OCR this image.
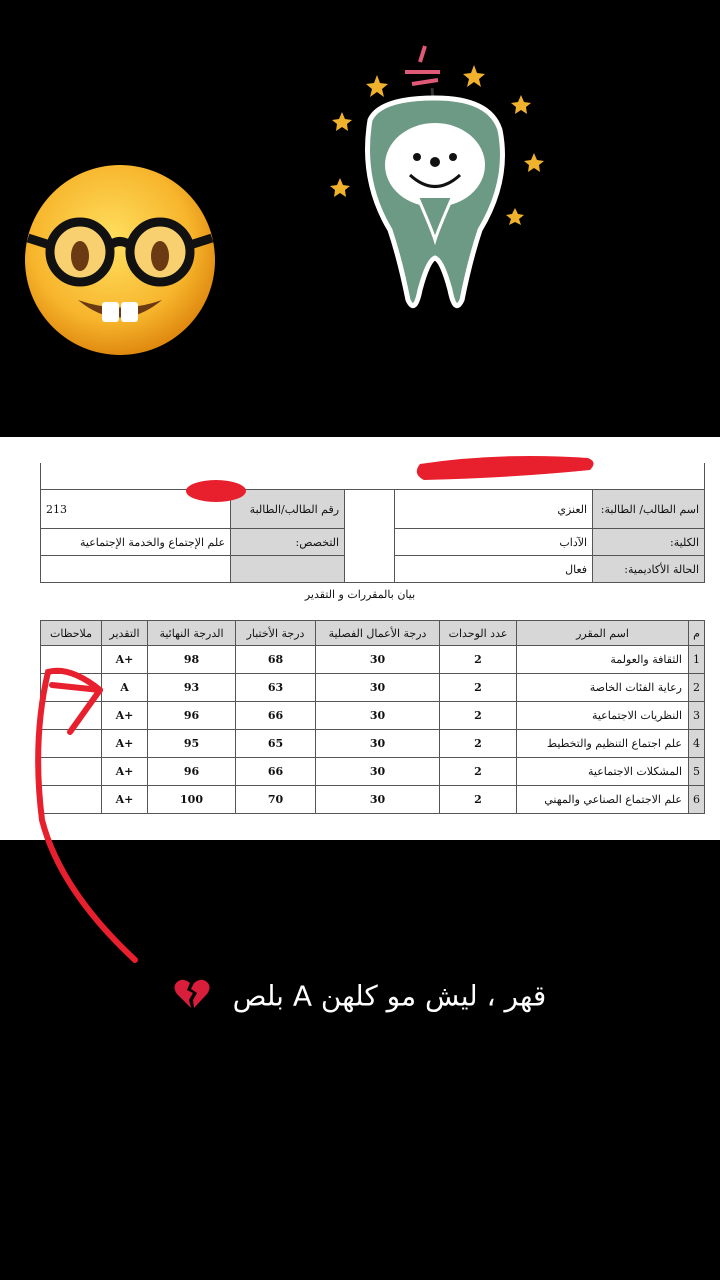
اسم الطالب/ الطالبة:	العنزي		رقم الطالب/الطالبة	213
الكلية:	الآداب		التخصص:	علم الإجتماع والخدمة الإجتماعية
الحالة الأكاديمية:	فعال			
بيان بالمقررات و التقدير
م	اسم المقرر	عدد الوحدات	درجة الأعمال الفصلية	درجة الأختبار	الدرجة النهائية	التقدير	ملاحظات
1	الثقافة والعولمة	2	30	68	98	A+	
2	رعاية الفئات الخاصة	2	30	63	93	A	
3	النظريات الاجتماعية	2	30	66	96	A+	
4	علم اجتماع التنظيم والتخطيط	2	30	65	95	A+	
5	المشكلات الاجتماعية	2	30	66	96	A+	
6	علم الاجتماع الصناعي والمهني	2	30	70	100	A+	
قهر ، ليش مو كلهن A بلص
